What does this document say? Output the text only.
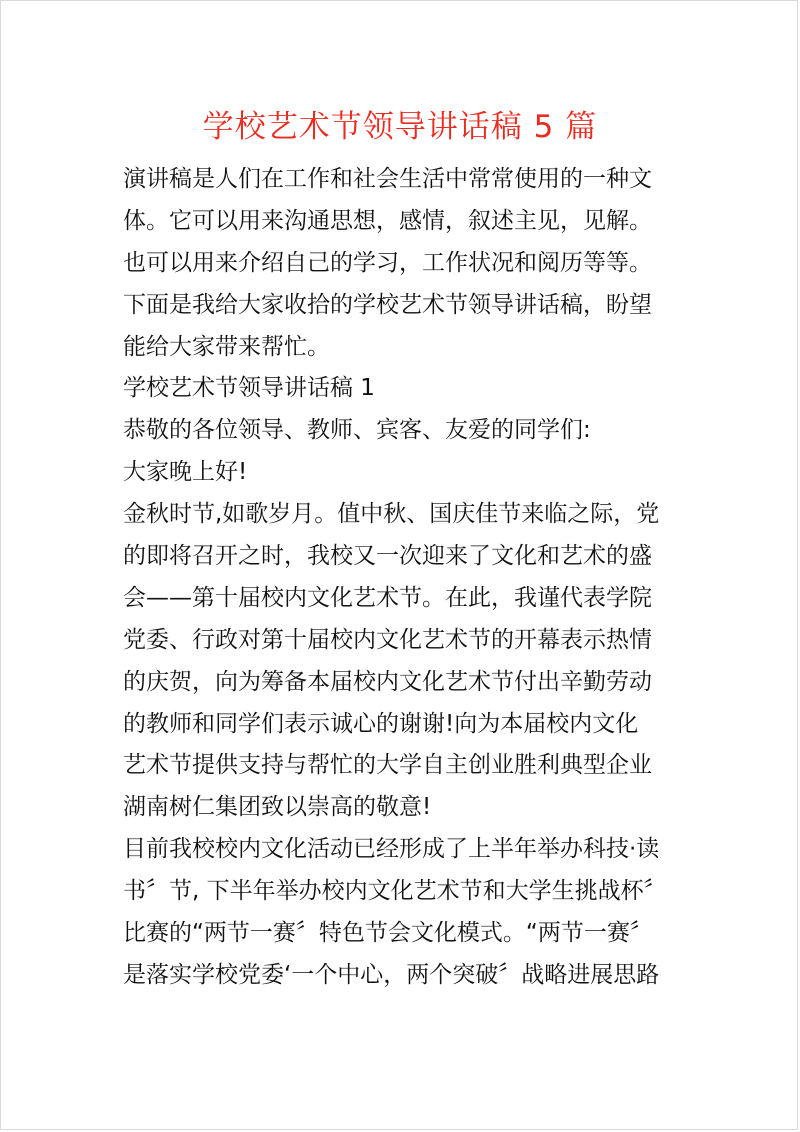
学校艺术节领导讲话稿 5 篇
演讲稿是人们在工作和社会生活中常常使用的一种文
体。它可以用来沟通思想，感情，叙述主见，见解。
也可以用来介绍自己的学习，工作状况和阅历等等。
下面是我给大家收拾的学校艺术节领导讲话稿，盼望
能给大家带来帮忙。
学校艺术节领导讲话稿 1
恭敬的各位领导、教师、宾客、友爱的同学们:
大家晚上好!
金秋时节,如歌岁月。值中秋、国庆佳节来临之际，党
的即将召开之时，我校又一次迎来了文化和艺术的盛
会——第十届校内文化艺术节。在此，我谨代表学院
党委、行政对第十届校内文化艺术节的开幕表示热情
的庆贺，向为筹备本届校内文化艺术节付出辛勤劳动
的教师和同学们表示诚心的谢谢!向为本届校内文化
艺术节提供支持与帮忙的大学自主创业胜利典型企业
湖南树仁集团致以崇高的敬意!
目前我校校内文化活动已经形成了上半年举办科技·读
书〞节, 下半年举办校内文化艺术节和大学生挑战杯〞
比赛的“两节一赛〞特色节会文化模式。“两节一赛〞
是落实学校党委‘一个中心，两个突破〞战略进展思路
